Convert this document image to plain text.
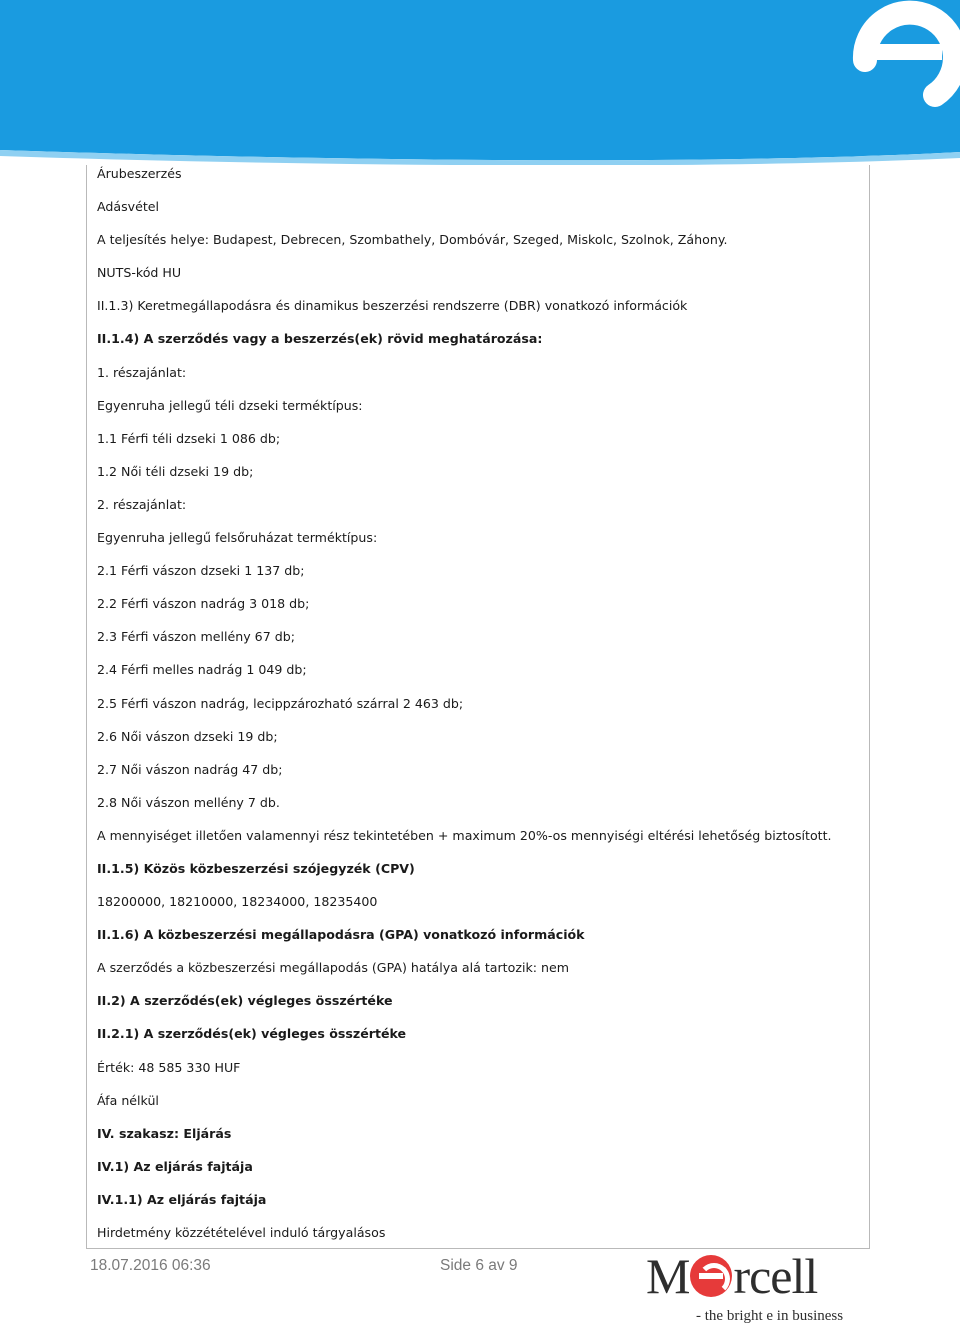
Árubeszerzés
Adásvétel
A teljesítés helye: Budapest, Debrecen, Szombathely, Dombóvár, Szeged, Miskolc, Szolnok, Záhony.
NUTS-kód HU
II.1.3) Keretmegállapodásra és dinamikus beszerzési rendszerre (DBR) vonatkozó információk
II.1.4) A szerződés vagy a beszerzés(ek) rövid meghatározása:
1. részajánlat:
Egyenruha jellegű téli dzseki terméktípus:
1.1 Férfi téli dzseki 1 086 db;
1.2 Női téli dzseki 19 db;
2. részajánlat:
Egyenruha jellegű felsőruházat terméktípus:
2.1 Férfi vászon dzseki 1 137 db;
2.2 Férfi vászon nadrág 3 018 db;
2.3 Férfi vászon mellény 67 db;
2.4 Férfi melles nadrág 1 049 db;
2.5 Férfi vászon nadrág, lecippzározható szárral 2 463 db;
2.6 Női vászon dzseki 19 db;
2.7 Női vászon nadrág 47 db;
2.8 Női vászon mellény 7 db.
A mennyiséget illetően valamennyi rész tekintetében + maximum 20%-os mennyiségi eltérési lehetőség biztosított.
II.1.5) Közös közbeszerzési szójegyzék (CPV)
18200000, 18210000, 18234000, 18235400
II.1.6) A közbeszerzési megállapodásra (GPA) vonatkozó információk
A szerződés a közbeszerzési megállapodás (GPA) hatálya alá tartozik: nem
II.2) A szerződés(ek) végleges összértéke
II.2.1) A szerződés(ek) végleges összértéke
Érték: 48 585 330 HUF
Áfa nélkül
IV. szakasz: Eljárás
IV.1) Az eljárás fajtája
IV.1.1) Az eljárás fajtája
Hirdetmény közzétételével induló tárgyalásos
18.07.2016 06:36	Side 6 av 9	M rcell
- the bright e in business
